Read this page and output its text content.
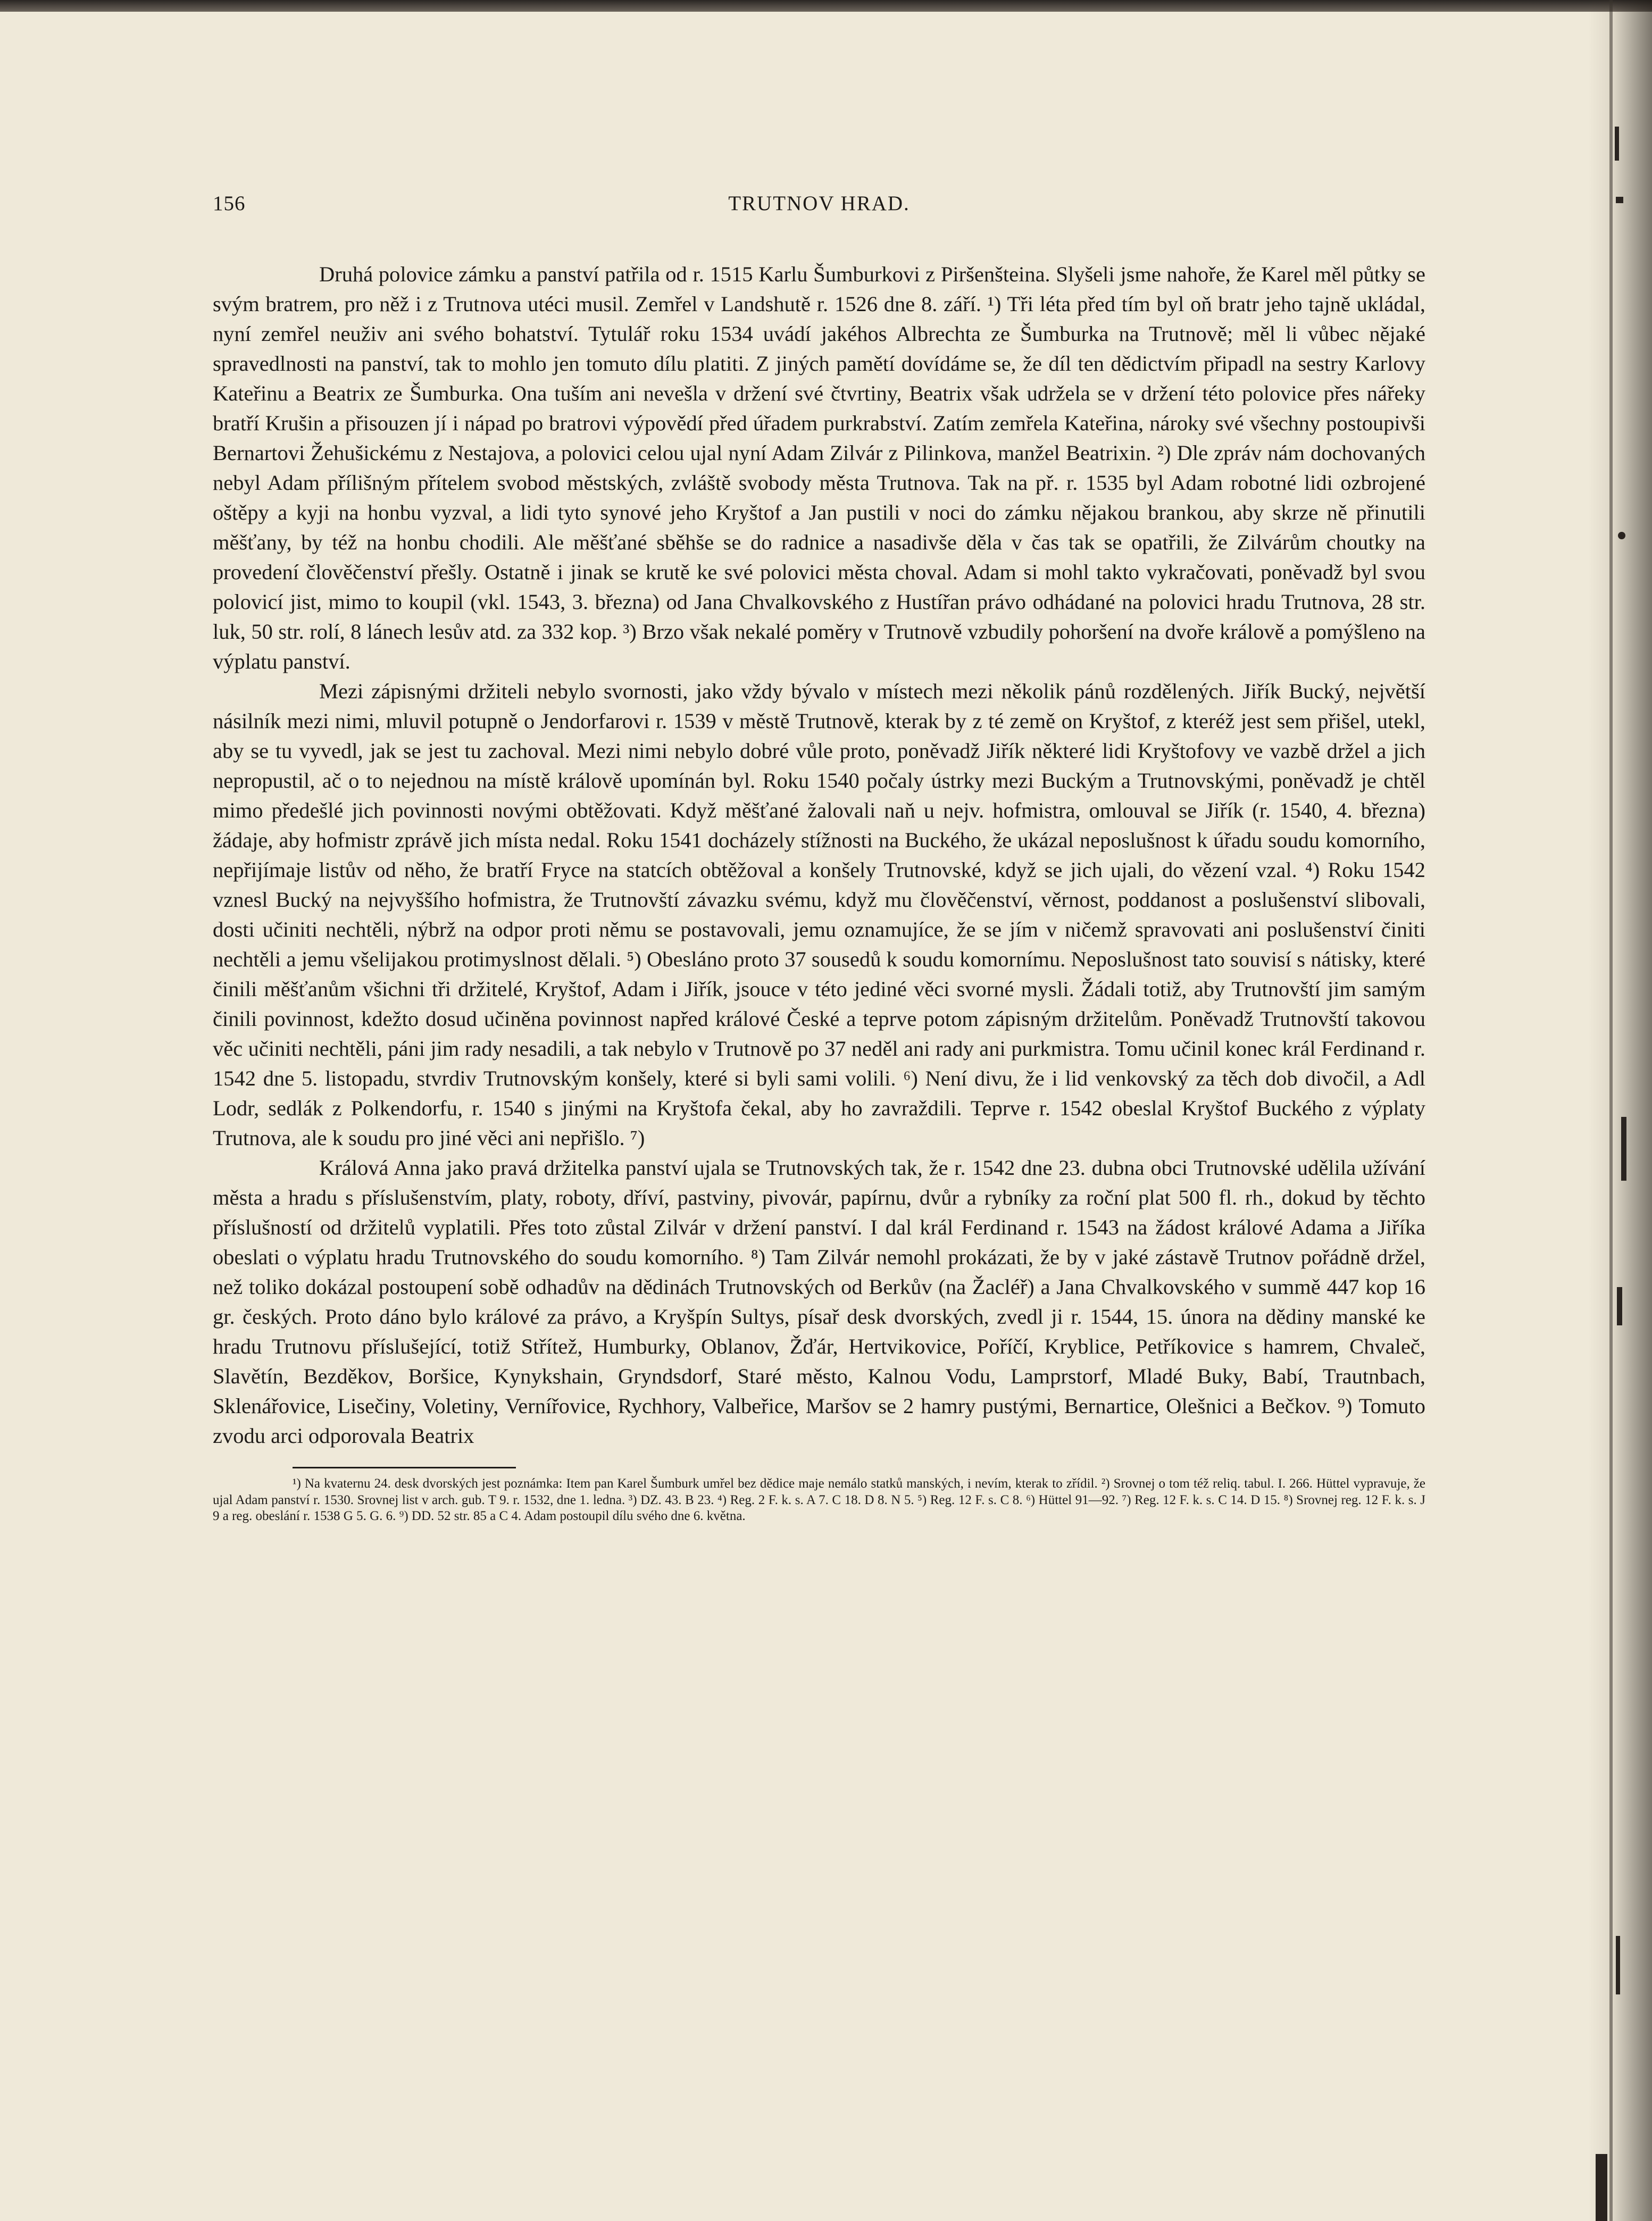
156	TRUTNOV HRAD.

Druhá polovice zámku a panství patřila od r. 1515 Karlu Šumburkovi z Piršenšteina. Slyšeli jsme nahoře, že Karel měl půtky se svým bratrem, pro něž i z Trutnova utéci musil. Zemřel v Landshutě r. 1526 dne 8. září. ¹) Tři léta před tím byl oň bratr jeho tajně ukládal, nyní zemřel neuživ ani svého bohatství. Tytulář roku 1534 uvádí jakéhos Albrechta ze Šumburka na Trutnově; měl li vůbec nějaké spravedlnosti na panství, tak to mohlo jen tomuto dílu platiti. Z jiných pamětí dovídáme se, že díl ten dědictvím připadl na sestry Karlovy Kateřinu a Beatrix ze Šumburka. Ona tuším ani nevešla v držení své čtvrtiny, Beatrix však udržela se v držení této polovice přes nářeky bratří Krušin a přisouzen jí i nápad po bratrovi výpovědí před úřadem purkrabství. Zatím zemřela Kateřina, nároky své všechny postoupivši Bernartovi Žehušickému z Nestajova, a polovici celou ujal nyní Adam Zilvár z Pilinkova, manžel Beatrixin. ²) Dle zpráv nám dochovaných nebyl Adam přílišným přítelem svobod městských, zvláště svobody města Trutnova. Tak na př. r. 1535 byl Adam robotné lidi ozbrojené oštěpy a kyji na honbu vyzval, a lidi tyto synové jeho Kryštof a Jan pustili v noci do zámku nějakou brankou, aby skrze ně přinutili měšťany, by též na honbu chodili. Ale měšťané sběhše se do radnice a nasadivše děla v čas tak se opatřili, že Zilvárům choutky na provedení člověčenství přešly. Ostatně i jinak se krutě ke své polovici města choval. Adam si mohl takto vykračovati, poněvadž byl svou polovicí jist, mimo to koupil (vkl. 1543, 3. března) od Jana Chvalkovského z Hustířan právo odhádané na polovici hradu Trutnova, 28 str. luk, 50 str. rolí, 8 lánech lesův atd. za 332 kop. ³) Brzo však nekalé poměry v Trutnově vzbudily pohoršení na dvoře králově a pomýšleno na výplatu panství.

Mezi zápisnými držiteli nebylo svornosti, jako vždy bývalo v místech mezi několik pánů rozdělených. Jiřík Bucký, největší násilník mezi nimi, mluvil potupně o Jendorfarovi r. 1539 v městě Trutnově, kterak by z té země on Kryštof, z kteréž jest sem přišel, utekl, aby se tu vyvedl, jak se jest tu zachoval. Mezi nimi nebylo dobré vůle proto, poněvadž Jiřík některé lidi Kryštofovy ve vazbě držel a jich nepropustil, ač o to nejednou na místě králově upomínán byl. Roku 1540 počaly ústrky mezi Buckým a Trutnovskými, poněvadž je chtěl mimo předešlé jich povinnosti novými obtěžovati. Když měšťané žalovali naň u nejv. hofmistra, omlouval se Jiřík (r. 1540, 4. března) žádaje, aby hofmistr zprávě jich místa nedal. Roku 1541 docházely stížnosti na Buckého, že ukázal neposlušnost k úřadu soudu komorního, nepřijímaje listův od něho, že bratří Fryce na statcích obtěžoval a konšely Trutnovské, když se jich ujali, do vězení vzal. ⁴) Roku 1542 vznesl Bucký na nejvyššího hofmistra, že Trutnovští závazku svému, když mu člověčenství, věrnost, poddanost a poslušenství slibovali, dosti učiniti nechtěli, nýbrž na odpor proti němu se postavovali, jemu oznamujíce, že se jím v ničemž spravovati ani poslušenství činiti nechtěli a jemu všelijakou protimyslnost dělali. ⁵) Obesláno proto 37 sousedů k soudu komornímu. Neposlušnost tato souvisí s nátisky, které činili měšťanům všichni tři držitelé, Kryštof, Adam i Jiřík, jsouce v této jediné věci svorné mysli. Žádali totiž, aby Trutnovští jim samým činili povinnost, kdežto dosud učiněna povinnost napřed králové České a teprve potom zápisným držitelům. Poněvadž Trutnovští takovou věc učiniti nechtěli, páni jim rady nesadili, a tak nebylo v Trutnově po 37 neděl ani rady ani purkmistra. Tomu učinil konec král Ferdinand r. 1542 dne 5. listopadu, stvrdiv Trutnovským konšely, které si byli sami volili. ⁶) Není divu, že i lid venkovský za těch dob divočil, a Adl Lodr, sedlák z Polkendorfu, r. 1540 s jinými na Kryštofa čekal, aby ho zavraždili. Teprve r. 1542 obeslal Kryštof Buckého z výplaty Trutnova, ale k soudu pro jiné věci ani nepřišlo. ⁷)

Králová Anna jako pravá držitelka panství ujala se Trutnovských tak, že r. 1542 dne 23. dubna obci Trutnovské udělila užívání města a hradu s příslušenstvím, platy, roboty, dříví, pastviny, pivovár, papírnu, dvůr a rybníky za roční plat 500 fl. rh., dokud by těchto příslušností od držitelů vyplatili. Přes toto zůstal Zilvár v držení panství. I dal král Ferdinand r. 1543 na žádost králové Adama a Jiříka obeslati o výplatu hradu Trutnovského do soudu komorního. ⁸) Tam Zilvár nemohl prokázati, že by v jaké zástavě Trutnov pořádně držel, než toliko dokázal postoupení sobě odhadův na dědinách Trutnovských od Berkův (na Žacléř) a Jana Chvalkovského v summě 447 kop 16 gr. českých. Proto dáno bylo králové za právo, a Kryšpín Sultys, písař desk dvorských, zvedl ji r. 1544, 15. února na dědiny manské ke hradu Trutnovu příslušející, totiž Střítež, Humburky, Oblanov, Žďár, Hertvikovice, Poříčí, Kryblice, Petříkovice s hamrem, Chvaleč, Slavětín, Bezděkov, Boršice, Kynykshain, Gryndsdorf, Staré město, Kalnou Vodu, Lamprstorf, Mladé Buky, Babí, Trautnbach, Sklenářovice, Lisečiny, Voletiny, Vernířovice, Rychhory, Valbeřice, Maršov se 2 hamry pustými, Bernartice, Olešnici a Bečkov. ⁹) Tomuto zvodu arci odporovala Beatrix

¹) Na kvaternu 24. desk dvorských jest poznámka: Item pan Karel Šumburk umřel bez dědice maje nemálo statků manských, i nevím, kterak to zřídil. ²) Srovnej o tom též reliq. tabul. I. 266. Hüttel vypravuje, že ujal Adam panství r. 1530. Srovnej list v arch. gub. T 9. r. 1532, dne 1. ledna. ³) DZ. 43. B 23. ⁴) Reg. 2 F. k. s. A 7. C 18. D 8. N 5. ⁵) Reg. 12 F. s. C 8. ⁶) Hüttel 91—92. ⁷) Reg. 12 F. k. s. C 14. D 15. ⁸) Srovnej reg. 12 F. k. s. J 9 a reg. obeslání r. 1538 G 5. G. 6. ⁹) DD. 52 str. 85 a C 4. Adam postoupil dílu svého dne 6. května.
